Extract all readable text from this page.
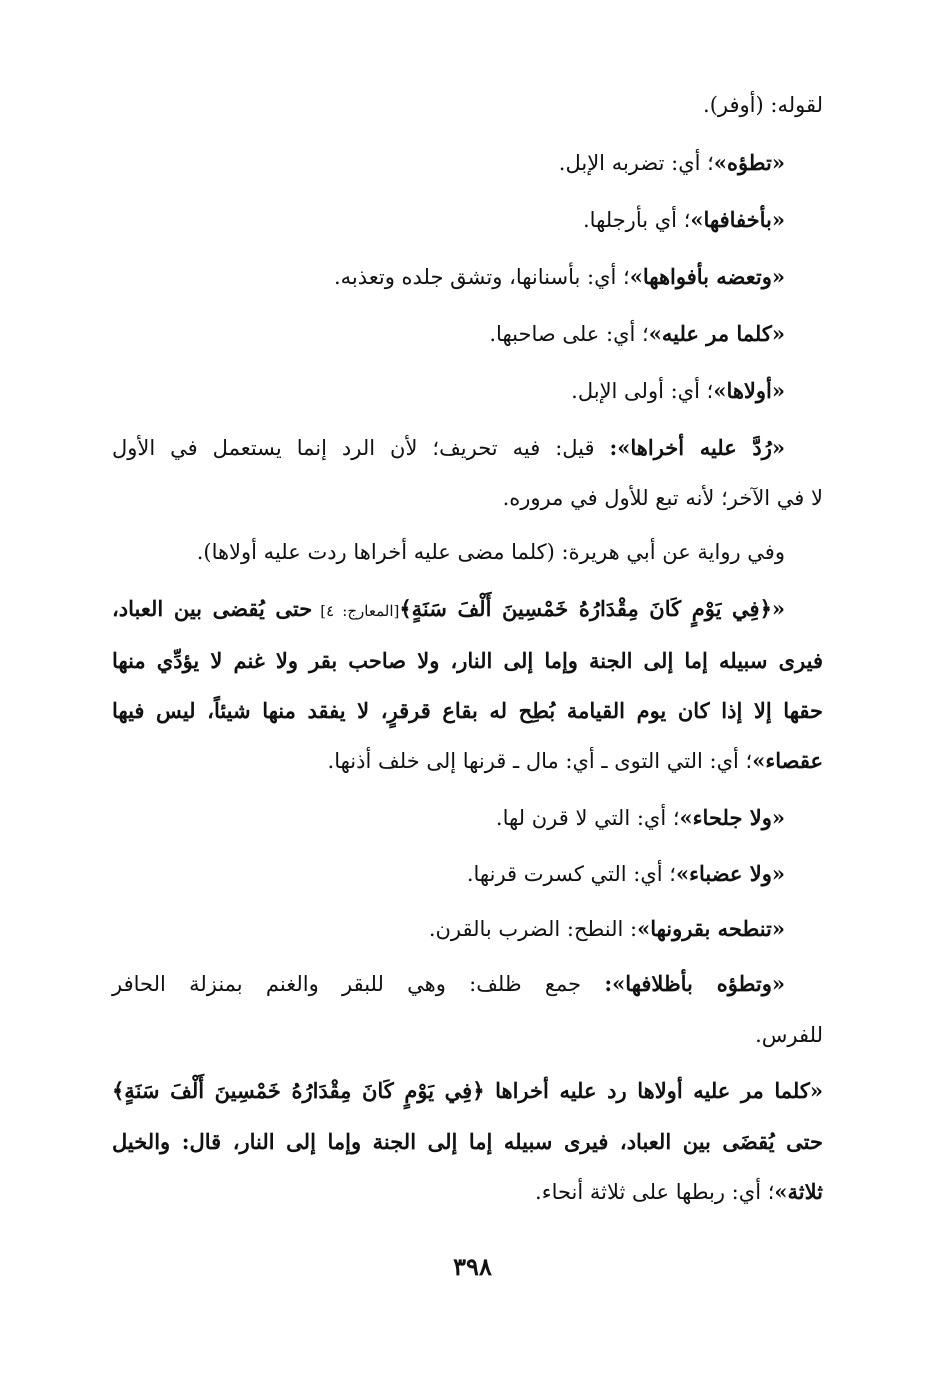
لقوله: (أوفر).
«تطؤه»؛ أي: تضربه الإبل.
«بأخفافها»؛ أي بأرجلها.
«وتعضه بأفواهها»؛ أي: بأسنانها، وتشق جلده وتعذبه.
«كلما مر عليه»؛ أي: على صاحبها.
«أولاها»؛ أي: أولى الإبل.
«رُدَّ عليه أخراها»: قيل: فيه تحريف؛ لأن الرد إنما يستعمل في الأول
لا في الآخر؛ لأنه تبع للأول في مروره.
وفي رواية عن أبي هريرة: (كلما مضى عليه أخراها ردت عليه أولاها).
«﴿فِي يَوْمٍ كَانَ مِقْدَارُهُ خَمْسِينَ أَلْفَ سَنَةٍ﴾[المعارج: ٤] حتى يُقضى بين العباد،
فيرى سبيله إما إلى الجنة وإما إلى النار، ولا صاحب بقر ولا غنم لا يؤدِّي منها
حقها إلا إذا كان يوم القيامة بُطِح له بقاع قرقرٍ، لا يفقد منها شيئاً، ليس فيها
عقصاء»؛ أي: التي التوى ـ أي: مال ـ قرنها إلى خلف أذنها.
«ولا جلحاء»؛ أي: التي لا قرن لها.
«ولا عضباء»؛ أي: التي كسرت قرنها.
«تنطحه بقرونها»: النطح: الضرب بالقرن.
«وتطؤه بأظلافها»: جمع ظلف: وهي للبقر والغنم بمنزلة الحافر
للفرس.
«كلما مر عليه أولاها رد عليه أخراها ﴿فِي يَوْمٍ كَانَ مِقْدَارُهُ خَمْسِينَ أَلْفَ سَنَةٍ﴾
حتى يُقضَى بين العباد، فيرى سبيله إما إلى الجنة وإما إلى النار، قال: والخيل
ثلاثة»؛ أي: ربطها على ثلاثة أنحاء.
٣٩٨
